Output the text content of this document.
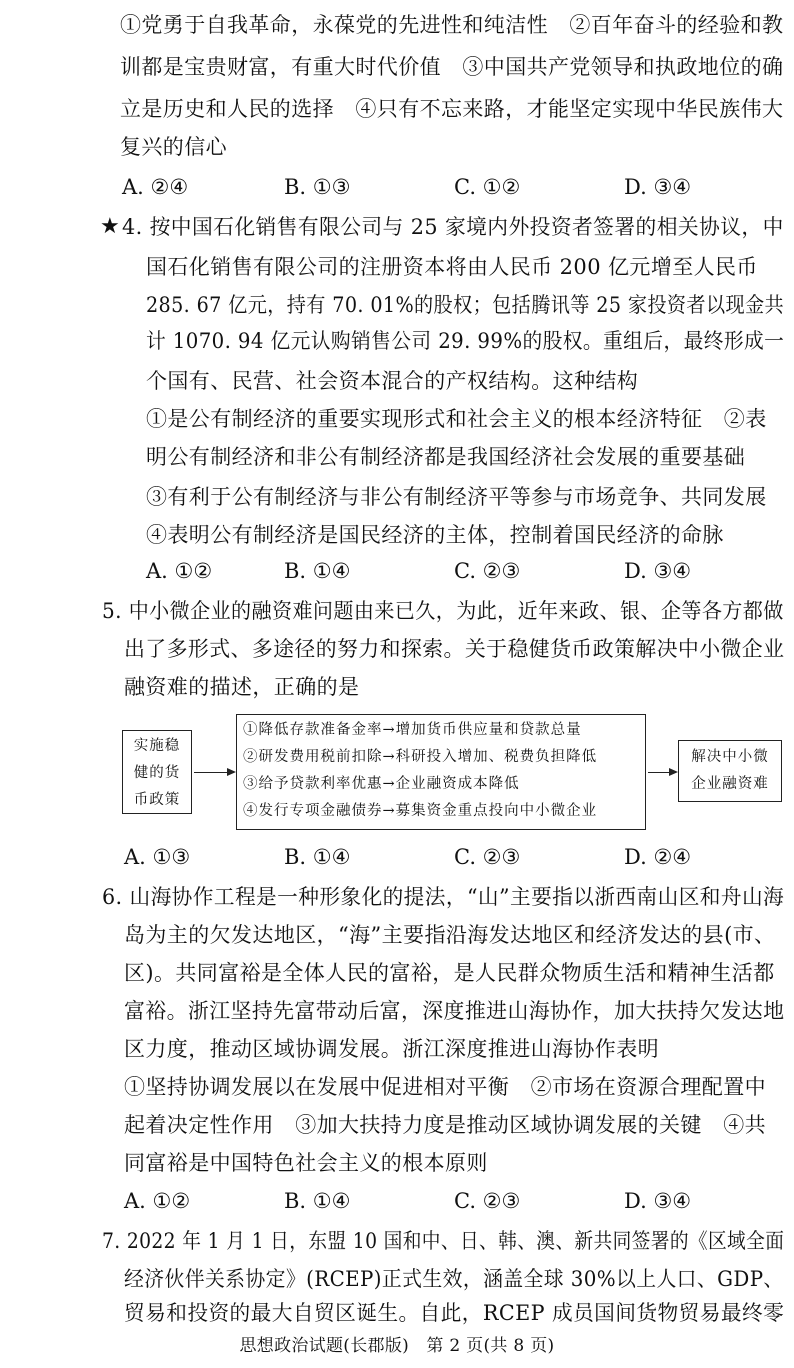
①党勇于自我革命，永葆党的先进性和纯洁性　②百年奋斗的经验和教
训都是宝贵财富，有重大时代价值　③中国共产党领导和执政地位的确
立是历史和人民的选择　④只有不忘来路，才能坚定实现中华民族伟大
复兴的信心
A. ②④	B. ①③	C. ①②	D. ③④
★ 4. 按中国石化销售有限公司与 25 家境内外投资者签署的相关协议，中
国石化销售有限公司的注册资本将由人民币 200 亿元增至人民币
285. 67 亿元，持有 70. 01%的股权；包括腾讯等 25 家投资者以现金共
计 1070. 94 亿元认购销售公司 29. 99%的股权。重组后，最终形成一
个国有、民营、社会资本混合的产权结构。这种结构
①是公有制经济的重要实现形式和社会主义的根本经济特征　②表
明公有制经济和非公有制经济都是我国经济社会发展的重要基础
③有利于公有制经济与非公有制经济平等参与市场竞争、共同发展
④表明公有制经济是国民经济的主体，控制着国民经济的命脉
A. ①②	B. ①④	C. ②③	D. ③④
5. 中小微企业的融资难问题由来已久，为此，近年来政、银、企等各方都做
出了多形式、多途径的努力和探索。关于稳健货币政策解决中小微企业
融资难的描述，正确的是
实施稳
健的货
币政策
①降低存款准备金率→增加货币供应量和贷款总量
②研发费用税前扣除→科研投入增加、税费负担降低
③给予贷款利率优惠→企业融资成本降低
④发行专项金融债券→募集资金重点投向中小微企业
解决中小微
企业融资难
A. ①③	B. ①④	C. ②③	D. ②④
6. 山海协作工程是一种形象化的提法，“山”主要指以浙西南山区和舟山海
岛为主的欠发达地区，“海”主要指沿海发达地区和经济发达的县(市、
区)。共同富裕是全体人民的富裕，是人民群众物质生活和精神生活都
富裕。浙江坚持先富带动后富，深度推进山海协作，加大扶持欠发达地
区力度，推动区域协调发展。浙江深度推进山海协作表明
①坚持协调发展以在发展中促进相对平衡　②市场在资源合理配置中
起着决定性作用　③加大扶持力度是推动区域协调发展的关键　④共
同富裕是中国特色社会主义的根本原则
A. ①②	B. ①④	C. ②③	D. ③④
7. 2022 年 1 月 1 日，东盟 10 国和中、日、韩、澳、新共同签署的《区域全面
经济伙伴关系协定》(RCEP)正式生效，涵盖全球 30%以上人口、GDP、
贸易和投资的最大自贸区诞生。自此，RCEP 成员国间货物贸易最终零
思想政治试题(长郡版)　第 2 页(共 8 页)
